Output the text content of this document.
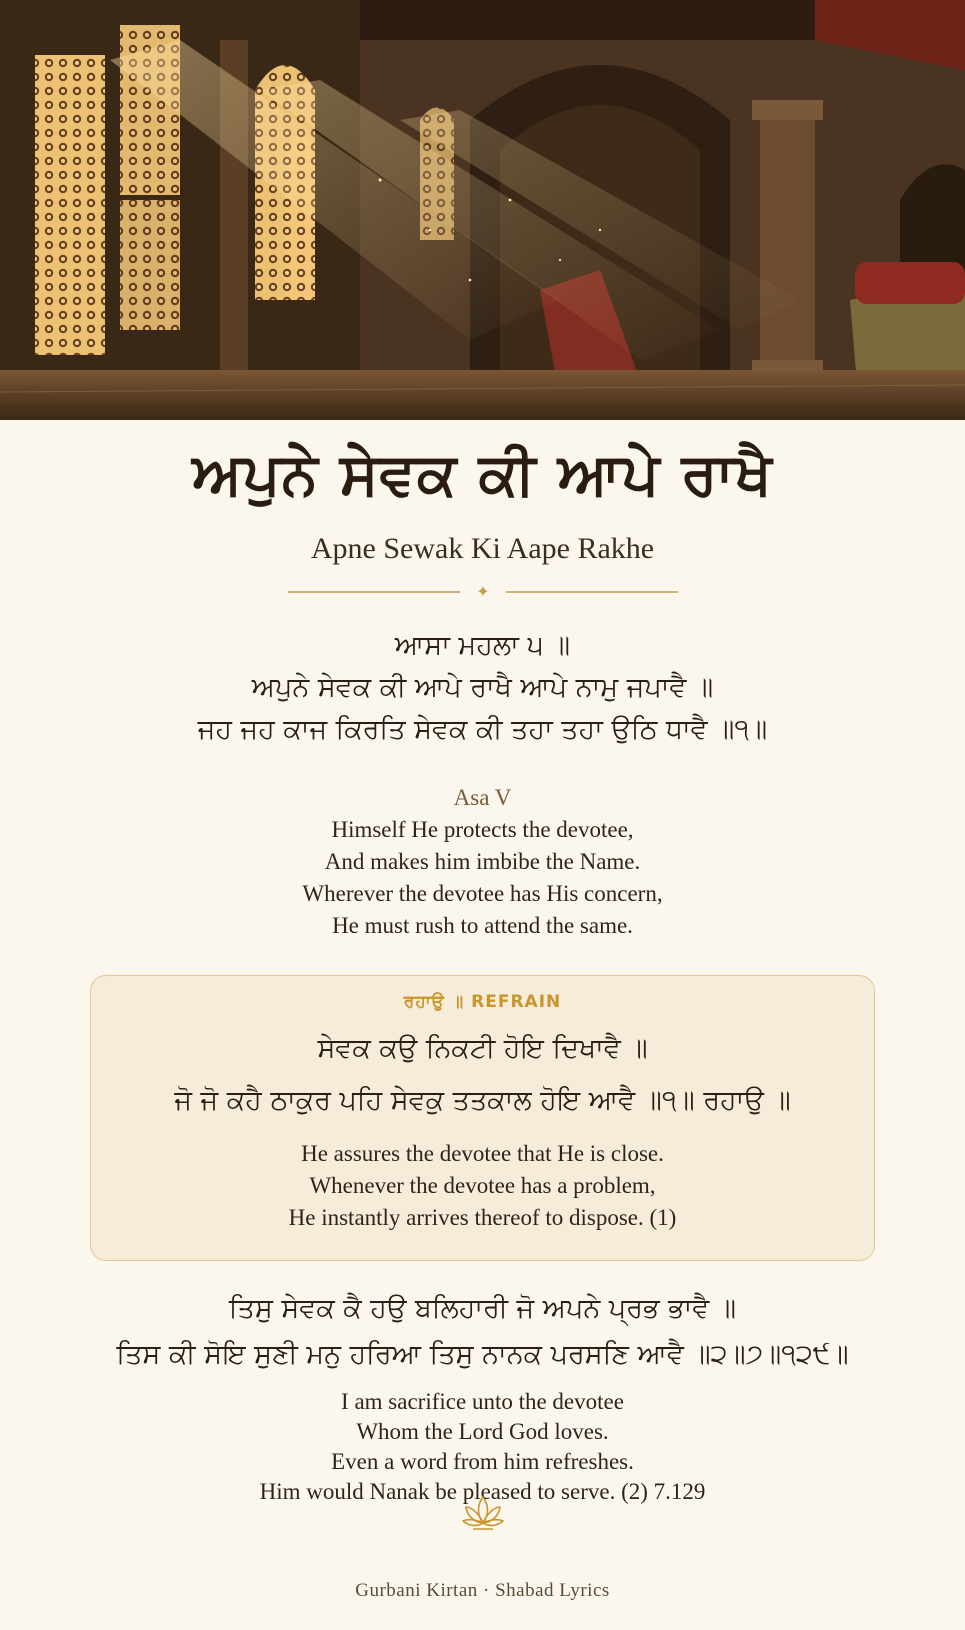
ਅਪੁਨੇ ਸੇਵਕ ਕੀ ਆਪੇ ਰਾਖੈ
Apne Sewak Ki Aape Rakhe
✦
ਆਸਾ ਮਹਲਾ ੫ ॥
ਅਪੁਨੇ ਸੇਵਕ ਕੀ ਆਪੇ ਰਾਖੈ ਆਪੇ ਨਾਮੁ ਜਪਾਵੈ ॥
ਜਹ ਜਹ ਕਾਜ ਕਿਰਤਿ ਸੇਵਕ ਕੀ ਤਹਾ ਤਹਾ ਉਠਿ ਧਾਵੈ ॥੧॥
Asa V
Himself He protects the devotee,
And makes him imbibe the Name.
Wherever the devotee has His concern,
He must rush to attend the same.
ਰਹਾਉ ॥ REFRAIN
ਸੇਵਕ ਕਉ ਨਿਕਟੀ ਹੋਇ ਦਿਖਾਵੈ ॥
ਜੋ ਜੋ ਕਹੈ ਠਾਕੁਰ ਪਹਿ ਸੇਵਕੁ ਤਤਕਾਲ ਹੋਇ ਆਵੈ ॥੧॥ ਰਹਾਉ ॥
He assures the devotee that He is close.
Whenever the devotee has a problem,
He instantly arrives thereof to dispose. (1)
ਤਿਸੁ ਸੇਵਕ ਕੈ ਹਉ ਬਲਿਹਾਰੀ ਜੋ ਅਪਨੇ ਪ੍ਰਭ ਭਾਵੈ ॥
ਤਿਸ ਕੀ ਸੋਇ ਸੁਣੀ ਮਨੁ ਹਰਿਆ ਤਿਸੁ ਨਾਨਕ ਪਰਸਣਿ ਆਵੈ ॥੨॥੭॥੧੨੯॥
I am sacrifice unto the devotee
Whom the Lord God loves.
Even a word from him refreshes.
Him would Nanak be pleased to serve. (2) 7.129
Gurbani Kirtan · Shabad Lyrics
